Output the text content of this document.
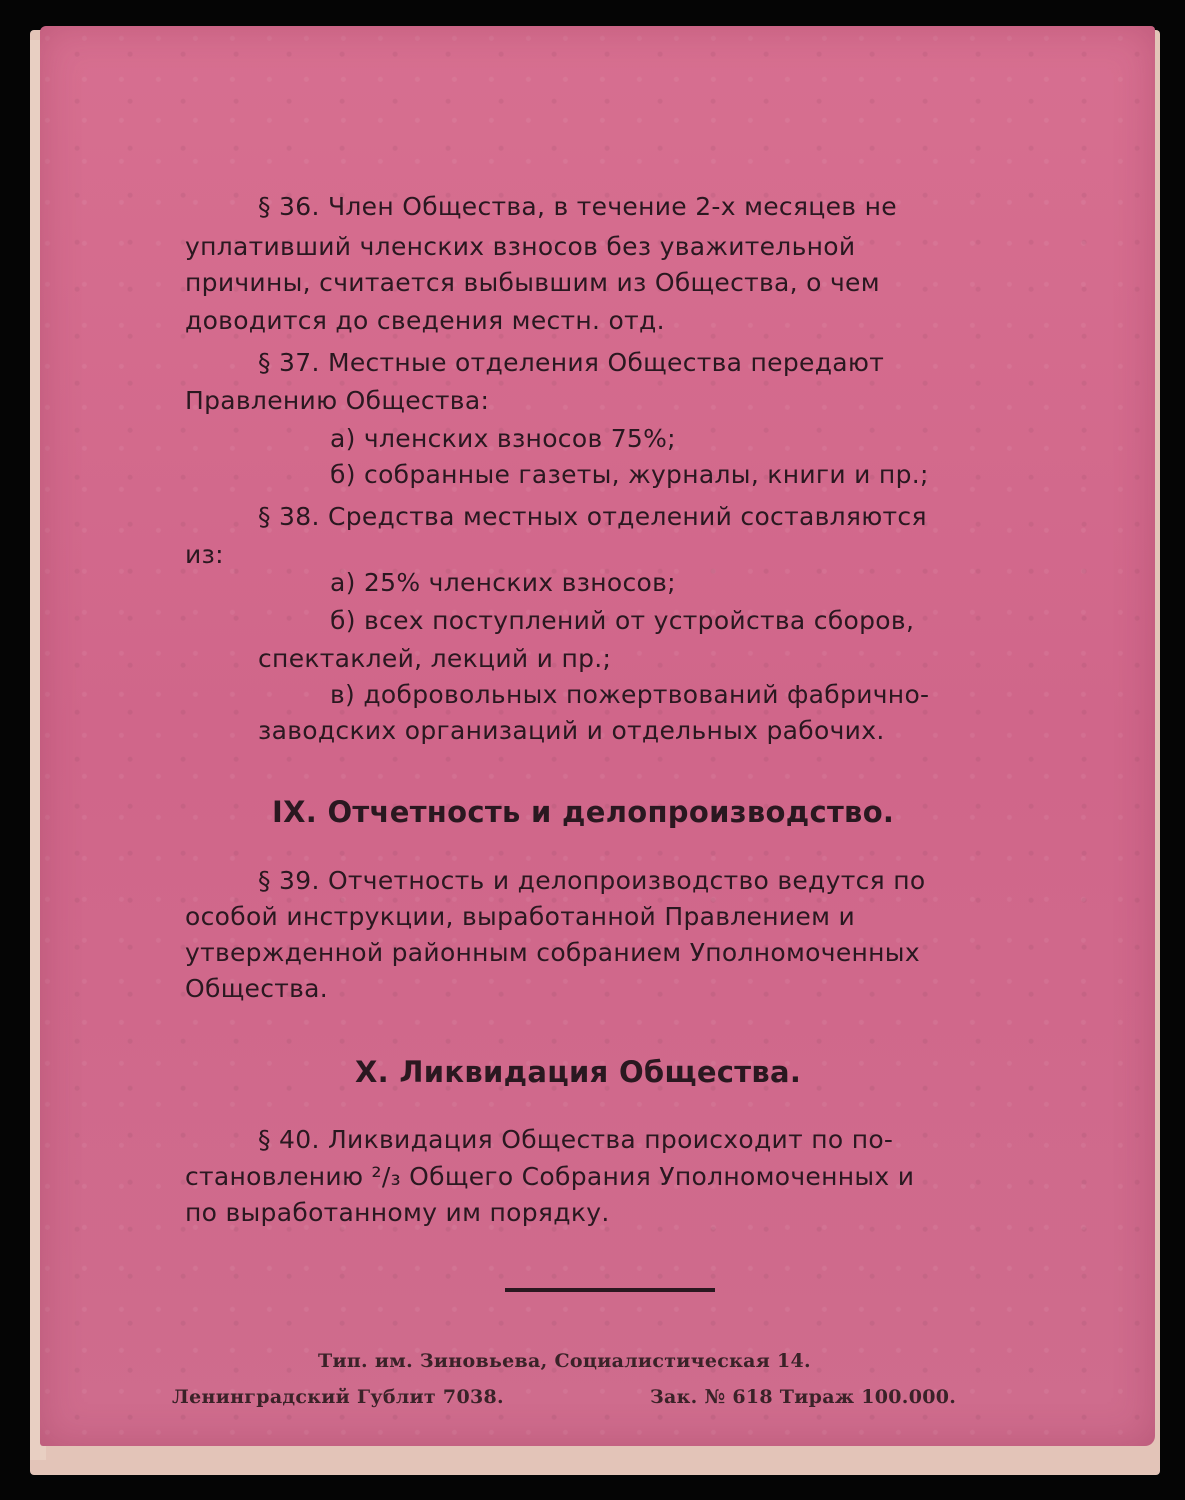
§ 36. Член Общества, в течение 2-х месяцев не
уплативший членских взносов без уважительной
причины, считается выбывшим из Общества, о чем
доводится до сведения местн. отд.
§ 37. Местные отделения Общества передают
Правлению Общества:
а) членских взносов 75%;
б) собранные газеты, журналы, книги и пр.;
§ 38. Средства местных отделений составляются
из:
а) 25% членских взносов;
б) всех поступлений от устройства сборов,
спектаклей, лекций и пр.;
в) добровольных пожертвований фабрично-
заводских организаций и отдельных рабочих.
IX. Отчетность и делопроизводство.
§ 39. Отчетность и делопроизводство ведутся по
особой инструкции, выработанной Правлением и
утвержденной районным собранием Уполномоченных
Общества.
X. Ликвидация Общества.
§ 40. Ликвидация Общества происходит по по-
становлению ²/₃ Общего Собрания Уполномоченных и
по выработанному им порядку.
Тип. им. Зиновьева, Социалистическая 14.
Ленинградский Гублит 7038.	Зак. № 618 Тираж 100.000.
